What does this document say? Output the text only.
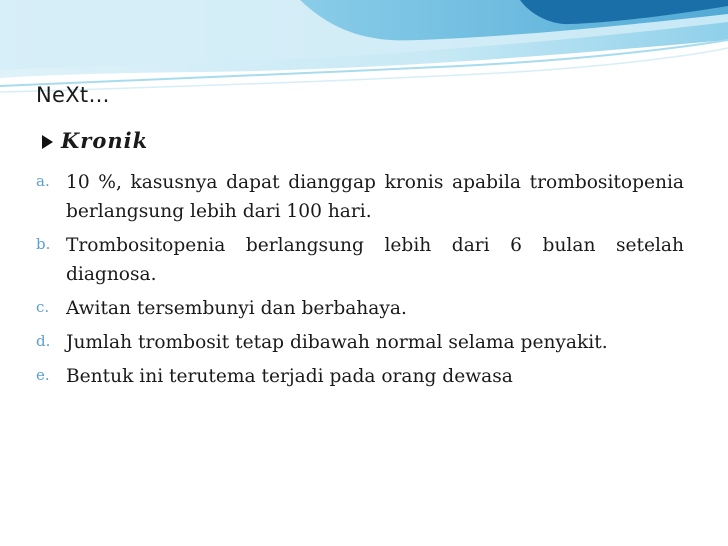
NeXt…
Kronik
a. 10 %, kasusnya dapat dianggap kronis apabila trombositopenia berlangsung lebih dari 100 hari.
b. Trombositopenia berlangsung lebih dari 6 bulan setelah diagnosa.
c. Awitan tersembunyi dan berbahaya.
d. Jumlah trombosit tetap dibawah normal selama penyakit.
e. Bentuk ini terutema terjadi pada orang dewasa
